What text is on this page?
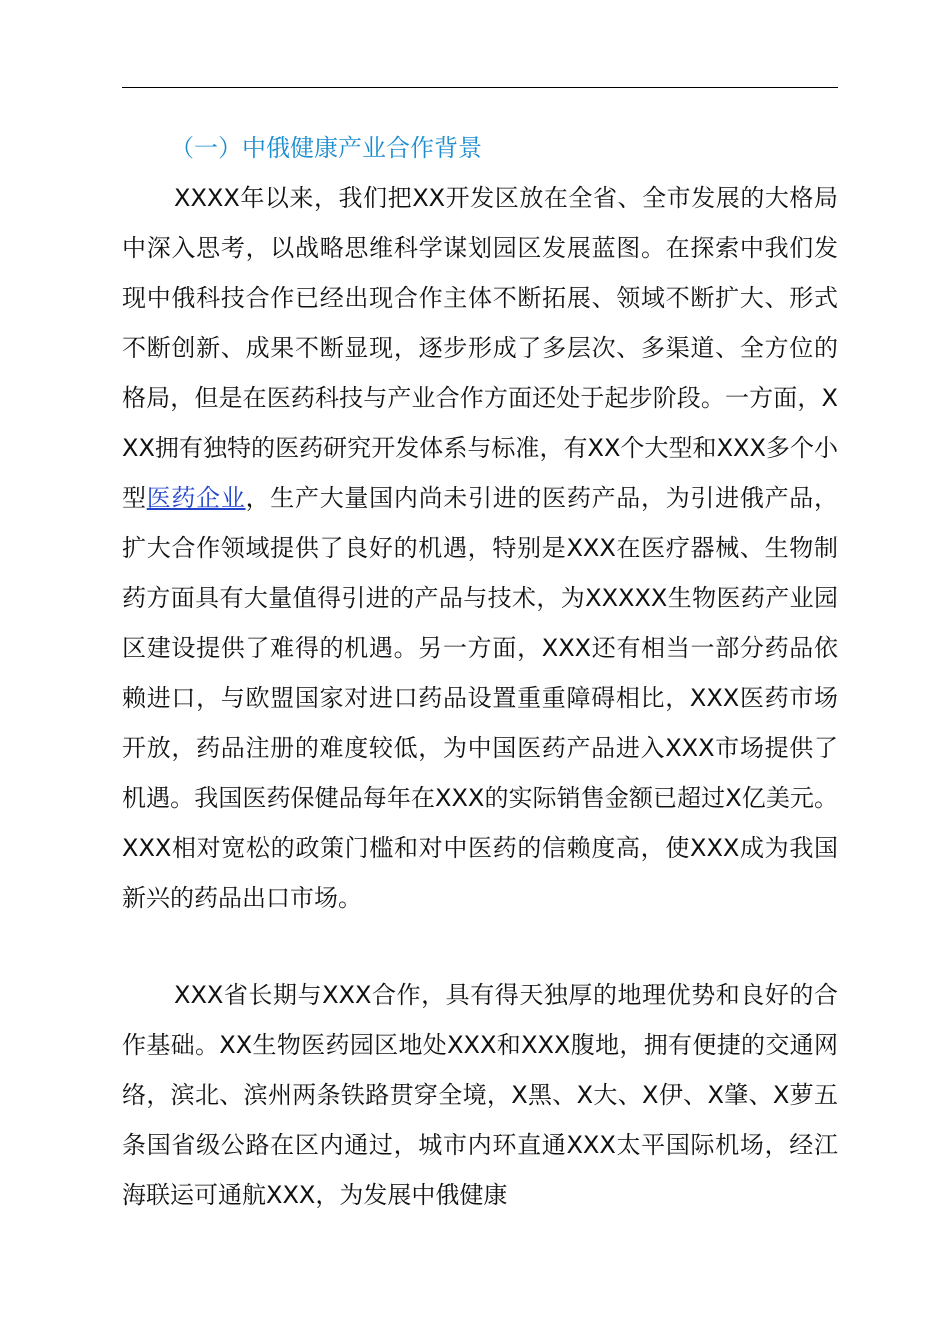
（一）中俄健康产业合作背景

XXXX年以来，我们把XX开发区放在全省、全市发展的大格局中深入思考，以战略思维科学谋划园区发展蓝图。在探索中我们发现中俄科技合作已经出现合作主体不断拓展、领域不断扩大、形式不断创新、成果不断显现，逐步形成了多层次、多渠道、全方位的格局，但是在医药科技与产业合作方面还处于起步阶段。一方面，XXX拥有独特的医药研究开发体系与标准，有XX个大型和XXX多个小型医药企业，生产大量国内尚未引进的医药产品，为引进俄产品，扩大合作领域提供了良好的机遇，特别是XXX在医疗器械、生物制药方面具有大量值得引进的产品与技术，为XXXXX生物医药产业园区建设提供了难得的机遇。另一方面，XXX还有相当一部分药品依赖进口，与欧盟国家对进口药品设置重重障碍相比，XXX医药市场开放，药品注册的难度较低，为中国医药产品进入XXX市场提供了机遇。我国医药保健品每年在XXX的实际销售金额已超过X亿美元。XXX相对宽松的政策门槛和对中医药的信赖度高，使XXX成为我国新兴的药品出口市场。

XXX省长期与XXX合作，具有得天独厚的地理优势和良好的合作基础。XX生物医药园区地处XXX和XXX腹地，拥有便捷的交通网络，滨北、滨州两条铁路贯穿全境，X黑、X大、X伊、X肇、X萝五条国省级公路在区内通过，城市内环直通XXX太平国际机场，经江海联运可通航XXX，为发展中俄健康
